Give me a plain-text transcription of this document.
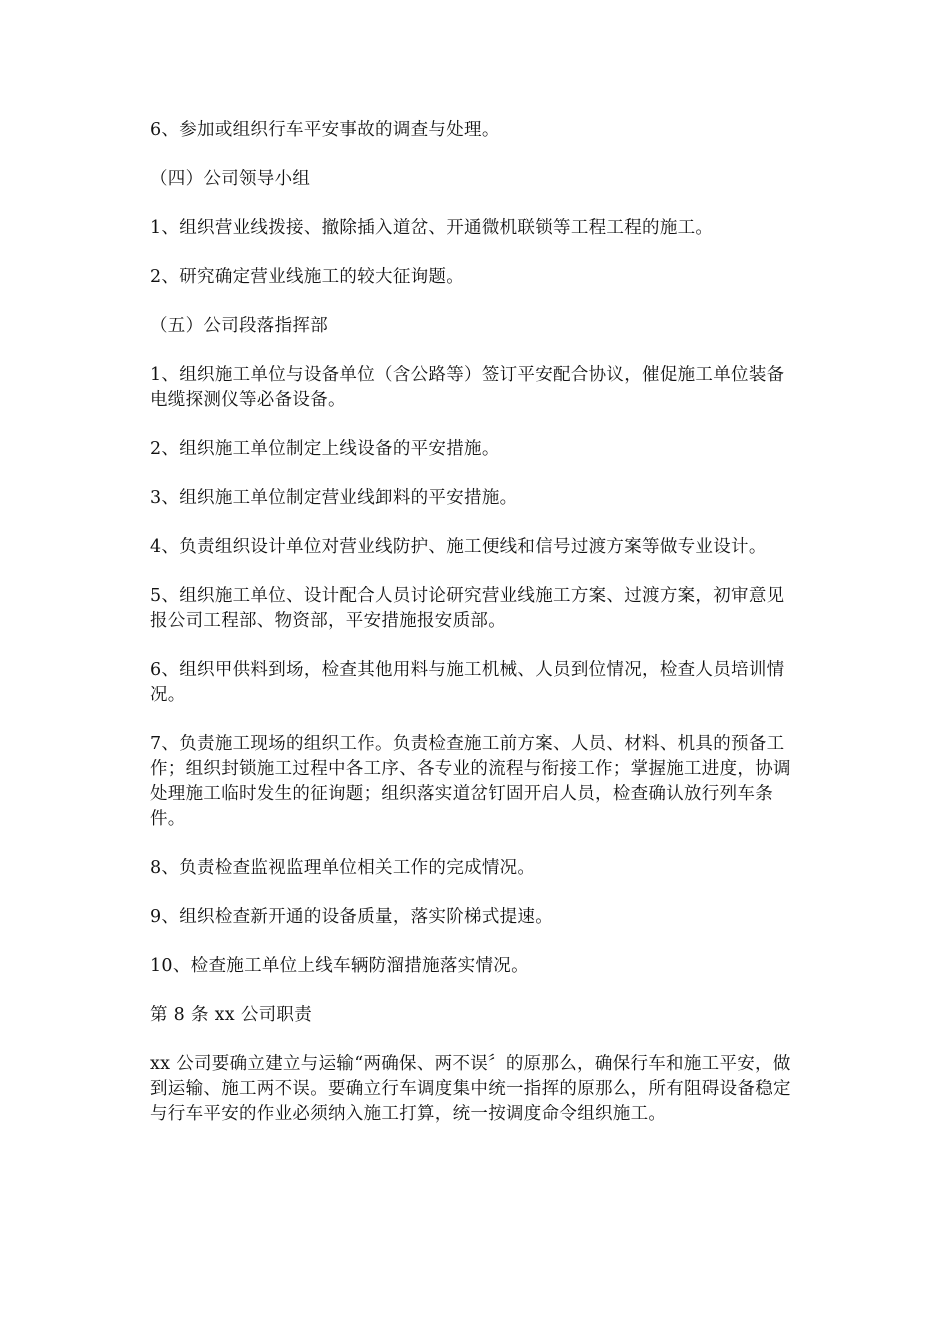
6、参加或组织行车平安事故的调查与处理。

（四）公司领导小组

1、组织营业线拨接、撤除插入道岔、开通微机联锁等工程工程的施工。

2、研究确定营业线施工的较大征询题。

（五）公司段落指挥部

1、组织施工单位与设备单位（含公路等）签订平安配合协议，催促施工单位装备电缆探测仪等必备设备。

2、组织施工单位制定上线设备的平安措施。

3、组织施工单位制定营业线卸料的平安措施。

4、负责组织设计单位对营业线防护、施工便线和信号过渡方案等做专业设计。

5、组织施工单位、设计配合人员讨论研究营业线施工方案、过渡方案，初审意见报公司工程部、物资部，平安措施报安质部。

6、组织甲供料到场，检查其他用料与施工机械、人员到位情况，检查人员培训情况。

7、负责施工现场的组织工作。负责检查施工前方案、人员、材料、机具的预备工作；组织封锁施工过程中各工序、各专业的流程与衔接工作；掌握施工进度，协调处理施工临时发生的征询题；组织落实道岔钉固开启人员，检查确认放行列车条件。

8、负责检查监视监理单位相关工作的完成情况。

9、组织检查新开通的设备质量，落实阶梯式提速。

10、检查施工单位上线车辆防溜措施落实情况。

第 8 条 xx 公司职责

xx 公司要确立建立与运输“两确保、两不误〞的原那么，确保行车和施工平安，做到运输、施工两不误。要确立行车调度集中统一指挥的原那么，所有阻碍设备稳定与行车平安的作业必须纳入施工打算，统一按调度命令组织施工。
